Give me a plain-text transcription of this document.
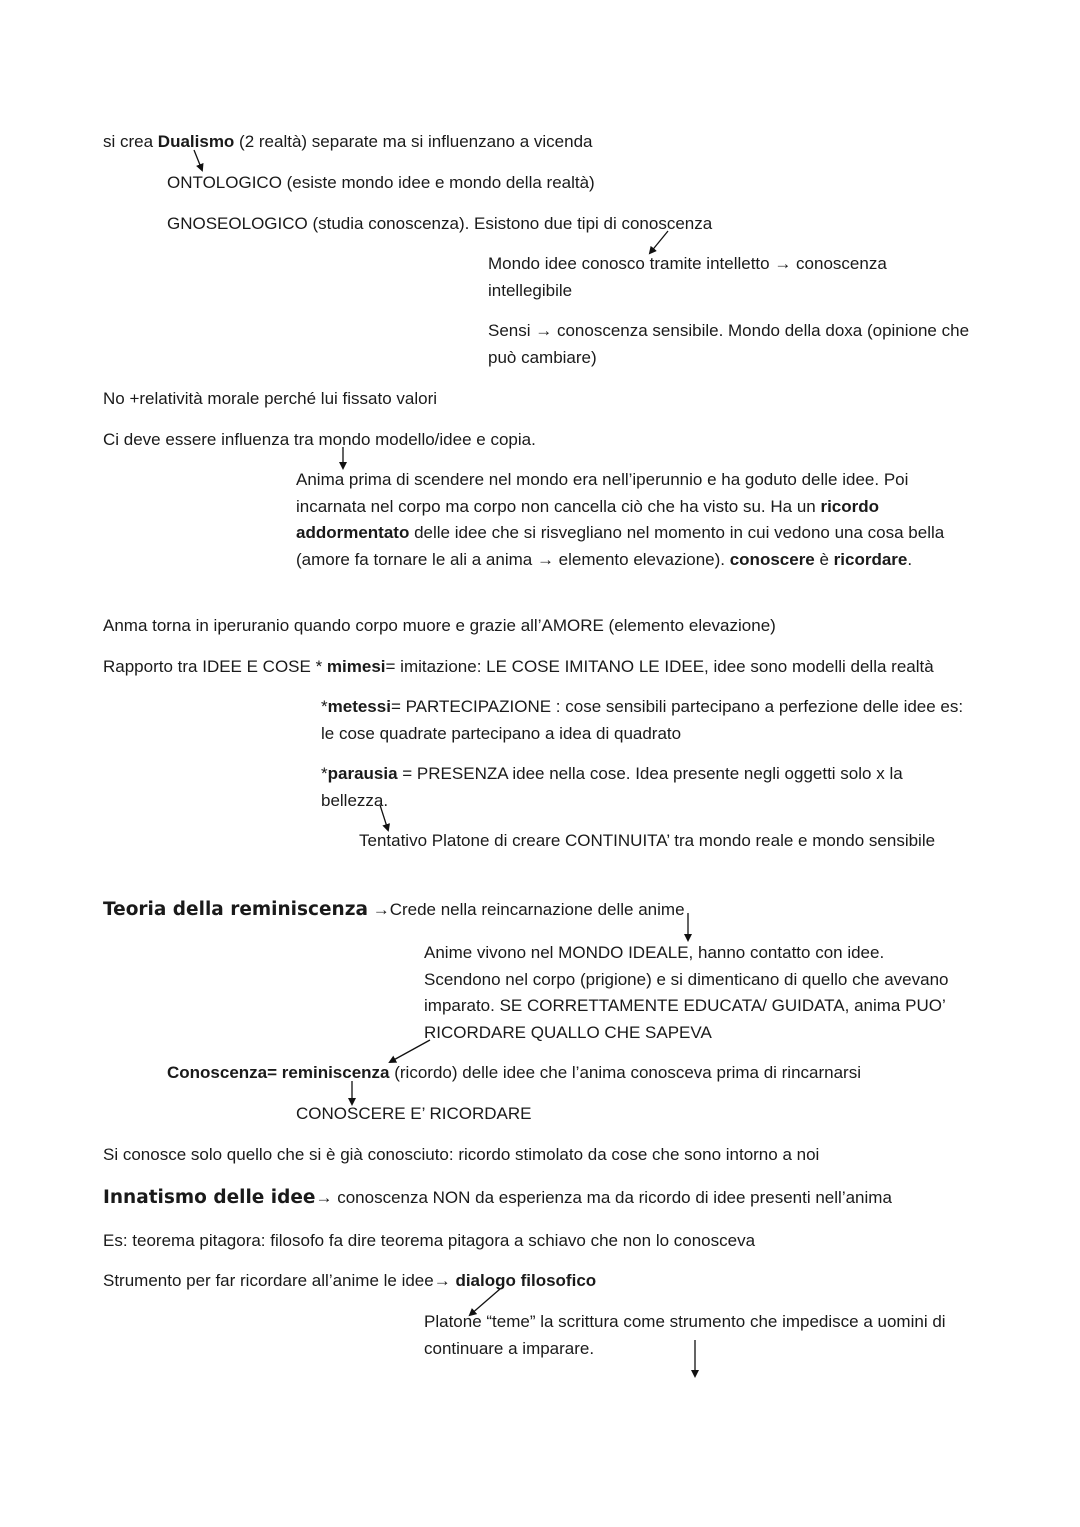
si crea Dualismo (2 realtà) separate ma si influenzano a vicenda
ONTOLOGICO (esiste mondo idee e mondo della realtà)
GNOSEOLOGICO (studia conoscenza). Esistono due tipi di conoscenza
Mondo idee conosco tramite intelletto → conoscenza intellegibile
Sensi → conoscenza sensibile. Mondo della doxa (opinione che può cambiare)
No +relatività morale perché lui fissato valori
Ci deve essere influenza tra mondo modello/idee e copia.
Anima prima di scendere nel mondo era nell’iperunnio e ha goduto delle idee. Poi incarnata nel corpo ma corpo non cancella ciò che ha visto su. Ha un ricordo addormentato delle idee che si risvegliano nel momento in cui vedono una cosa bella (amore fa tornare le ali a anima → elemento elevazione). conoscere è ricordare.
Anma torna in iperuranio quando corpo muore e grazie all’AMORE (elemento elevazione)
Rapporto tra IDEE E COSE * mimesi= imitazione: LE COSE IMITANO LE IDEE, idee sono modelli della realtà
*metessi= PARTECIPAZIONE : cose sensibili partecipano a perfezione delle idee es: le cose quadrate partecipano a idea di quadrato
*parausia = PRESENZA idee nella cose. Idea presente negli oggetti solo x la bellezza.
Tentativo Platone di creare CONTINUITA’ tra mondo reale e mondo sensibile
Teoria della reminiscenza →Crede nella reincarnazione delle anime
Anime vivono nel MONDO IDEALE, hanno contatto con idee. Scendono nel corpo (prigione) e si dimenticano di quello che avevano imparato. SE CORRETTAMENTE EDUCATA/ GUIDATA, anima PUO’ RICORDARE QUALLO CHE SAPEVA
Conoscenza= reminiscenza (ricordo) delle idee che l’anima conosceva prima di rincarnarsi
CONOSCERE E’ RICORDARE
Si conosce solo quello che si è già conosciuto: ricordo stimolato da cose che sono intorno a noi
Innatismo delle idee→ conoscenza NON da esperienza ma da ricordo di idee presenti nell’anima
Es: teorema pitagora: filosofo fa dire teorema pitagora a schiavo che non lo conosceva
Strumento per far ricordare all’anime le idee→ dialogo filosofico
Platone “teme” la scrittura come strumento che impedisce a uomini di continuare a imparare.
